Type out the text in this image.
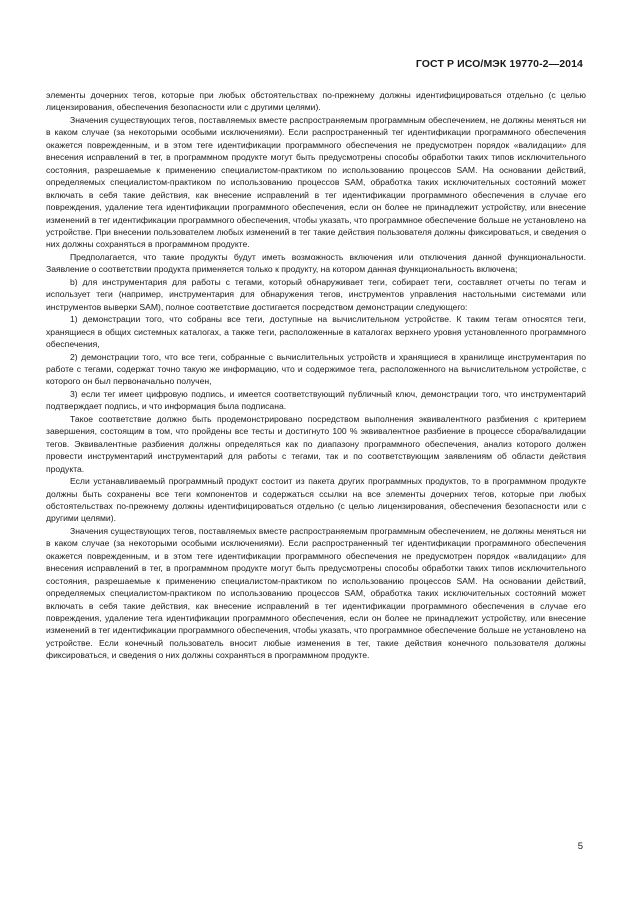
ГОСТ Р ИСО/МЭК 19770-2—2014

элементы дочерних тегов, которые при любых обстоятельствах по-прежнему должны идентифицироваться отдельно (с целью лицензирования, обеспечения безопасности или с другими целями).

Значения существующих тегов, поставляемых вместе распространяемым программным обеспечением, не должны меняться ни в каком случае (за некоторыми особыми исключениями). Если распространенный тег идентификации программного обеспечения окажется поврежденным, и в этом теге идентификации программного обеспечения не предусмотрен порядок «валидации» для внесения исправлений в тег, в программном продукте могут быть предусмотрены способы обработки таких типов исключительного состояния, разрешаемые к применению специалистом-практиком по использованию процессов SAM. На основании действий, определяемых специалистом-практиком по использованию процессов SAM, обработка таких исключительных состояний может включать в себя такие действия, как внесение исправлений в тег идентификации программного обеспечения в случае его повреждения, удаление тега идентификации программного обеспечения, если он более не принадлежит устройству, или внесение изменений в тег идентификации программного обеспечения, чтобы указать, что программное обеспечение больше не установлено на устройстве. При внесении пользователем любых изменений в тег такие действия пользователя должны фиксироваться, и сведения о них должны сохраняться в программном продукте.

Предполагается, что такие продукты будут иметь возможность включения или отключения данной функциональности. Заявление о соответствии продукта применяется только к продукту, на котором данная функциональность включена;

b) для инструментария для работы с тегами, который обнаруживает теги, собирает теги, составляет отчеты по тегам и использует теги (например, инструментария для обнаружения тегов, инструментов управления настольными системами или инструментов выверки SAM), полное соответствие достигается посредством демонстрации следующего:

1) демонстрации того, что собраны все теги, доступные на вычислительном устройстве. К таким тегам относятся теги, хранящиеся в общих системных каталогах, а также теги, расположенные в каталогах верхнего уровня установленного программного обеспечения,

2) демонстрации того, что все теги, собранные с вычислительных устройств и хранящиеся в хранилище инструментария по работе с тегами, содержат точно такую же информацию, что и содержимое тега, расположенного на вычислительном устройстве, с которого он был первоначально получен,

3) если тег имеет цифровую подпись, и имеется соответствующий публичный ключ, демонстрации того, что инструментарий подтверждает подпись, и что информация была подписана.

Такое соответствие должно быть продемонстрировано посредством выполнения эквивалентного разбиения с критерием завершения, состоящим в том, что пройдены все тесты и достигнуто 100 % эквивалентное разбиение в процессе сбора/валидации тегов. Эквивалентные разбиения должны определяться как по диапазону программного обеспечения, анализ которого должен провести инструментарий инструментарий для работы с тегами, так и по соответствующим заявлениям об области действия продукта.

Если устанавливаемый программный продукт состоит из пакета других программных продуктов, то в программном продукте должны быть сохранены все теги компонентов и содержаться ссылки на все элементы дочерних тегов, которые при любых обстоятельствах по-прежнему должны идентифицироваться отдельно (с целью лицензирования, обеспечения безопасности или с другими целями).

Значения существующих тегов, поставляемых вместе распространяемым программным обеспечением, не должны меняться ни в каком случае (за некоторыми особыми исключениями). Если распространенный тег идентификации программного обеспечения окажется поврежденным, и в этом теге идентификации программного обеспечения не предусмотрен порядок «валидации» для внесения исправлений в тег, в программном продукте могут быть предусмотрены способы обработки таких типов исключительного состояния, разрешаемые к применению специалистом-практиком по использованию процессов SAM. На основании действий, определяемых специалистом-практиком по использованию процессов SAM, обработка таких исключительных состояний может включать в себя такие действия, как внесение исправлений в тег идентификации программного обеспечения в случае его повреждения, удаление тега идентификации программного обеспечения, если он более не принадлежит устройству, или внесение изменений в тег идентификации программного обеспечения, чтобы указать, что программное обеспечение больше не установлено на устройстве. Если конечный пользователь вносит любые изменения в тег, такие действия конечного пользователя должны фиксироваться, и сведения о них должны сохраняться в программном продукте.

5
